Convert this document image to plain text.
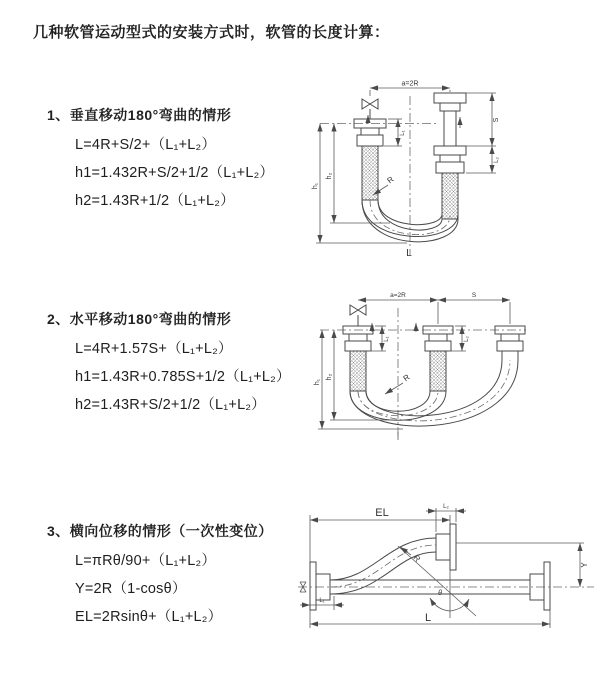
几种软管运动型式的安装方式时，软管的长度计算：
1、垂直移动180°弯曲的情形
L=4R+S/2+（L₁+L₂）
h1=1.432R+S/2+1/2（L₁+L₂）
h2=1.43R+1/2（L₁+L₂）
2、水平移动180°弯曲的情形
L=4R+1.57S+（L₁+L₂）
h1=1.43R+0.785S+1/2（L₁+L₂）
h2=1.43R+S/2+1/2（L₁+L₂）
3、横向位移的情形（一次性变位）
L=πRθ/90+（L₁+L₂）
Y=2R（1-cosθ）
EL=2Rsinθ+（L₁+L₂）
a=2R
h₁
h₂
S
L₂
L₁
R
L
a=2R	S
h₁
h₂
L₁	L₂
R
EL	L₂
Y
θ
R
L
L₁
